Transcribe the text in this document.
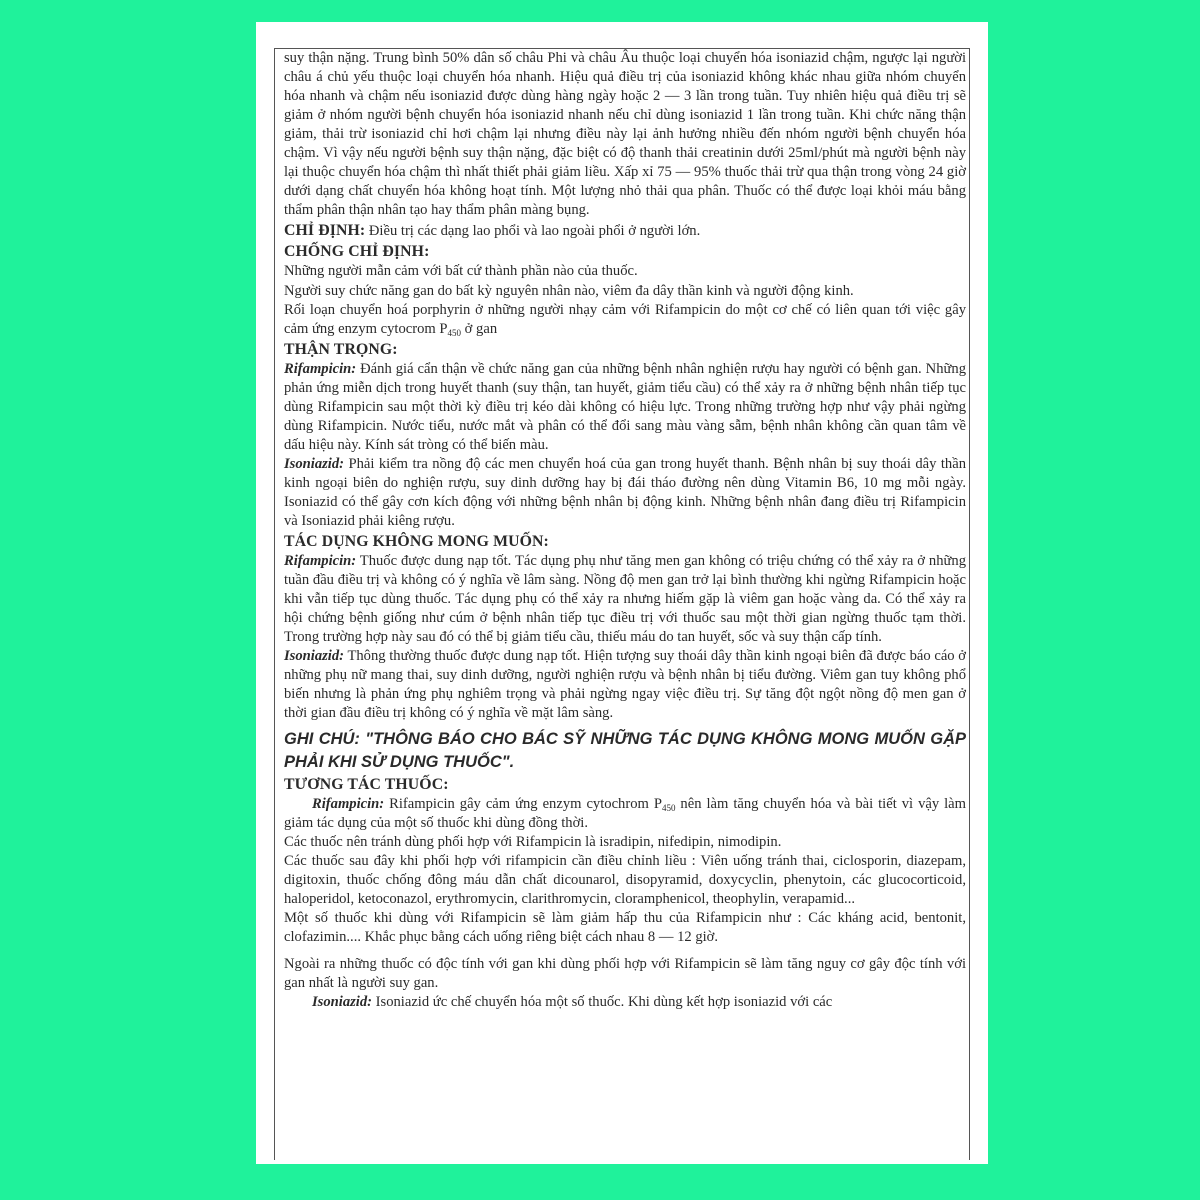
suy thận nặng. Trung bình 50% dân số châu Phi và châu Âu thuộc loại chuyển hóa isoniazid chậm, ngược lại người châu á chủ yếu thuộc loại chuyển hóa nhanh. Hiệu quả điều trị của isoniazid không khác nhau giữa nhóm chuyển hóa nhanh và chậm nếu isoniazid được dùng hàng ngày hoặc 2 — 3 lần trong tuần. Tuy nhiên hiệu quả điều trị sẽ giảm ở nhóm người bệnh chuyển hóa isoniazid nhanh nếu chỉ dùng isoniazid 1 lần trong tuần. Khi chức năng thận giảm, thải trừ isoniazid chỉ hơi chậm lại nhưng điều này lại ảnh hưởng nhiều đến nhóm người bệnh chuyển hóa chậm. Vì vậy nếu người bệnh suy thận nặng, đặc biệt có độ thanh thải creatinin dưới 25ml/phút mà người bệnh này lại thuộc chuyển hóa chậm thì nhất thiết phải giảm liều. Xấp xỉ 75 — 95% thuốc thải trừ qua thận trong vòng 24 giờ dưới dạng chất chuyển hóa không hoạt tính. Một lượng nhỏ thải qua phân. Thuốc có thể được loại khỏi máu bằng thẩm phân thận nhân tạo hay thẩm phân màng bụng.

CHỈ ĐỊNH: Điều trị các dạng lao phổi và lao ngoài phổi ở người lớn.

CHỐNG CHỈ ĐỊNH:

Những người mẫn cảm với bất cứ thành phần nào của thuốc.

Người suy chức năng gan do bất kỳ nguyên nhân nào, viêm đa dây thần kinh và người động kinh.

Rối loạn chuyển hoá porphyrin ở những người nhạy cảm với Rifampicin do một cơ chế có liên quan tới việc gây cảm ứng enzym cytocrom $P_{450}$ ở gan

THẬN TRỌNG:

Rifampicin: Đánh giá cẩn thận về chức năng gan của những bệnh nhân nghiện rượu hay người có bệnh gan. Những phản ứng miễn dịch trong huyết thanh (suy thận, tan huyết, giảm tiểu cầu) có thể xảy ra ở những bệnh nhân tiếp tục dùng Rifampicin sau một thời kỳ điều trị kéo dài không có hiệu lực. Trong những trường hợp như vậy phải ngừng dùng Rifampicin. Nước tiểu, nước mắt và phân có thể đổi sang màu vàng sẫm, bệnh nhân không cần quan tâm về dấu hiệu này. Kính sát tròng có thể biến màu.

Isoniazid: Phải kiểm tra nồng độ các men chuyển hoá của gan trong huyết thanh. Bệnh nhân bị suy thoái dây thần kinh ngoại biên do nghiện rượu, suy dinh dưỡng hay bị đái tháo đường nên dùng Vitamin B6, 10 mg mỗi ngày. Isoniazid có thể gây cơn kích động với những bệnh nhân bị động kinh. Những bệnh nhân đang điều trị Rifampicin và Isoniazid phải kiêng rượu.

TÁC DỤNG KHÔNG MONG MUỐN:

Rifampicin: Thuốc được dung nạp tốt. Tác dụng phụ như tăng men gan không có triệu chứng có thể xảy ra ở những tuần đầu điều trị và không có ý nghĩa về lâm sàng. Nồng độ men gan trở lại bình thường khi ngừng Rifampicin hoặc khi vẫn tiếp tục dùng thuốc. Tác dụng phụ có thể xảy ra nhưng hiếm gặp là viêm gan hoặc vàng da. Có thể xảy ra hội chứng bệnh giống như cúm ở bệnh nhân tiếp tục điều trị với thuốc sau một thời gian ngừng thuốc tạm thời. Trong trường hợp này sau đó có thể bị giảm tiểu cầu, thiếu máu do tan huyết, sốc và suy thận cấp tính.

Isoniazid: Thông thường thuốc được dung nạp tốt. Hiện tượng suy thoái dây thần kinh ngoại biên đã được báo cáo ở những phụ nữ mang thai, suy dinh dưỡng, người nghiện rượu và bệnh nhân bị tiểu đường. Viêm gan tuy không phổ biến nhưng là phản ứng phụ nghiêm trọng và phải ngừng ngay việc điều trị. Sự tăng đột ngột nồng độ men gan ở thời gian đầu điều trị không có ý nghĩa về mặt lâm sàng.

GHI CHÚ: "THÔNG BÁO CHO BÁC SỸ NHỮNG TÁC DỤNG KHÔNG MONG MUỐN GẶP PHẢI KHI SỬ DỤNG THUỐC".

TƯƠNG TÁC THUỐC:

Rifampicin: Rifampicin gây cảm ứng enzym cytochrom $P_{450}$ nên làm tăng chuyển hóa và bài tiết vì vậy làm giảm tác dụng của một số thuốc khi dùng đồng thời.

Các thuốc nên tránh dùng phối hợp với Rifampicin là isradipin, nifedipin, nimodipin.

Các thuốc sau đây khi phối hợp với rifampicin cần điều chỉnh liều : Viên uống tránh thai, ciclosporin, diazepam, digitoxin, thuốc chống đông máu dẫn chất dicounarol, disopyramid, doxycyclin, phenytoin, các glucocorticoid, haloperidol, ketoconazol, erythromycin, clarithromycin, cloramphenicol, theophylin, verapamid...

Một số thuốc khi dùng với Rifampicin sẽ làm giảm hấp thu của Rifampicin như : Các kháng acid, bentonit, clofazimin.... Khắc phục bằng cách uống riêng biệt cách nhau 8 — 12 giờ.

Ngoài ra những thuốc có độc tính với gan khi dùng phối hợp với Rifampicin sẽ làm tăng nguy cơ gây độc tính với gan nhất là người suy gan.

Isoniazid: Isoniazid ức chế chuyển hóa một số thuốc. Khi dùng kết hợp isoniazid với các
